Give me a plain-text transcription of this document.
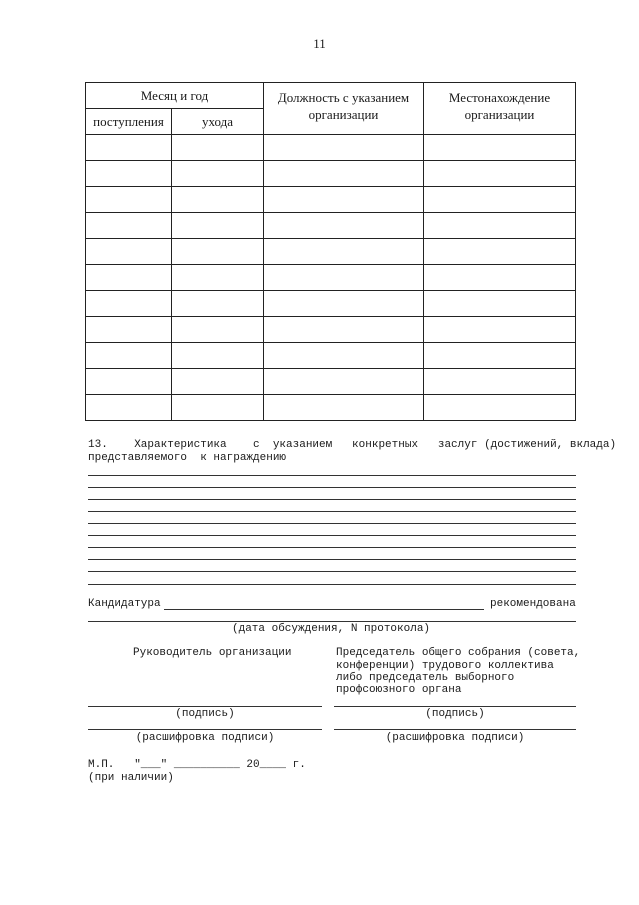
11
Месяц и год		Должность с указанием организации	Местонахождение организации
поступления	ухода		

13.    Характеристика    с  указанием   конкретных   заслуг (достижений, вклада)
представляемого  к награждению
Кандидатура	рекомендована
(дата обсуждения, N протокола)
Руководитель организации	Председатель общего собрания (совета,
конференции) трудового коллектива
либо председатель выборного
профсоюзного органа
(подпись)	(подпись)
(расшифровка подписи)	(расшифровка подписи)
М.П.   "___" __________ 20____ г.
(при наличии)
